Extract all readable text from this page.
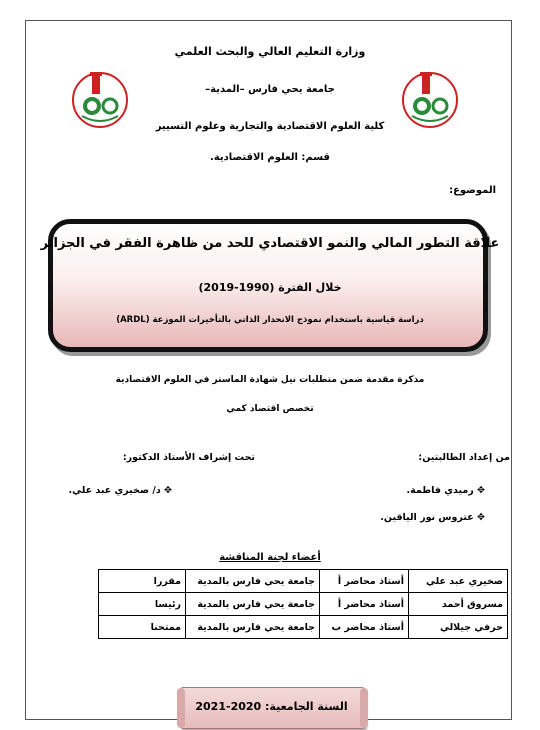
وزارة التعليم العالي والبحث العلمي
جامعة يحي فارس –المدية–
كلية العلوم الاقتصادية والتجارية وعلوم التسيير
قسم: العلوم الاقتصادية.
الموضوع:
علاقة التطور المالي والنمو الاقتصادي للحد من ظاهرة الفقر في الجزائر
خلال الفترة (1990-2019)
دراسة قياسية باستخدام نموذج الانحدار الذاتي بالتأخيرات الموزعة (ARDL)
مذكرة مقدمة ضمن متطلبات نيل شهادة الماستر في العلوم الاقتصادية
تخصص اقتصاد كمي
من إعداد الطالبتين:
تحت إشراف الأستاذ الدكتور:
✥ رميدي فاطمة.
✥ عتروس نور الياقين.
✥ د/ صخيري عبد علي.
أعضاء لجنة المناقشة
صخيري عبد علي	أستاذ محاضر أ	جامعة يحي فارس بالمدية	مقررا
مسروق أحمد	أستاذ محاضر أ	جامعة يحي فارس بالمدية	رئيسا
حرفي جيلالي	أستاذ محاضر ب	جامعة يحي فارس بالمدية	ممتحنا
السنة الجامعية: 2020-2021
